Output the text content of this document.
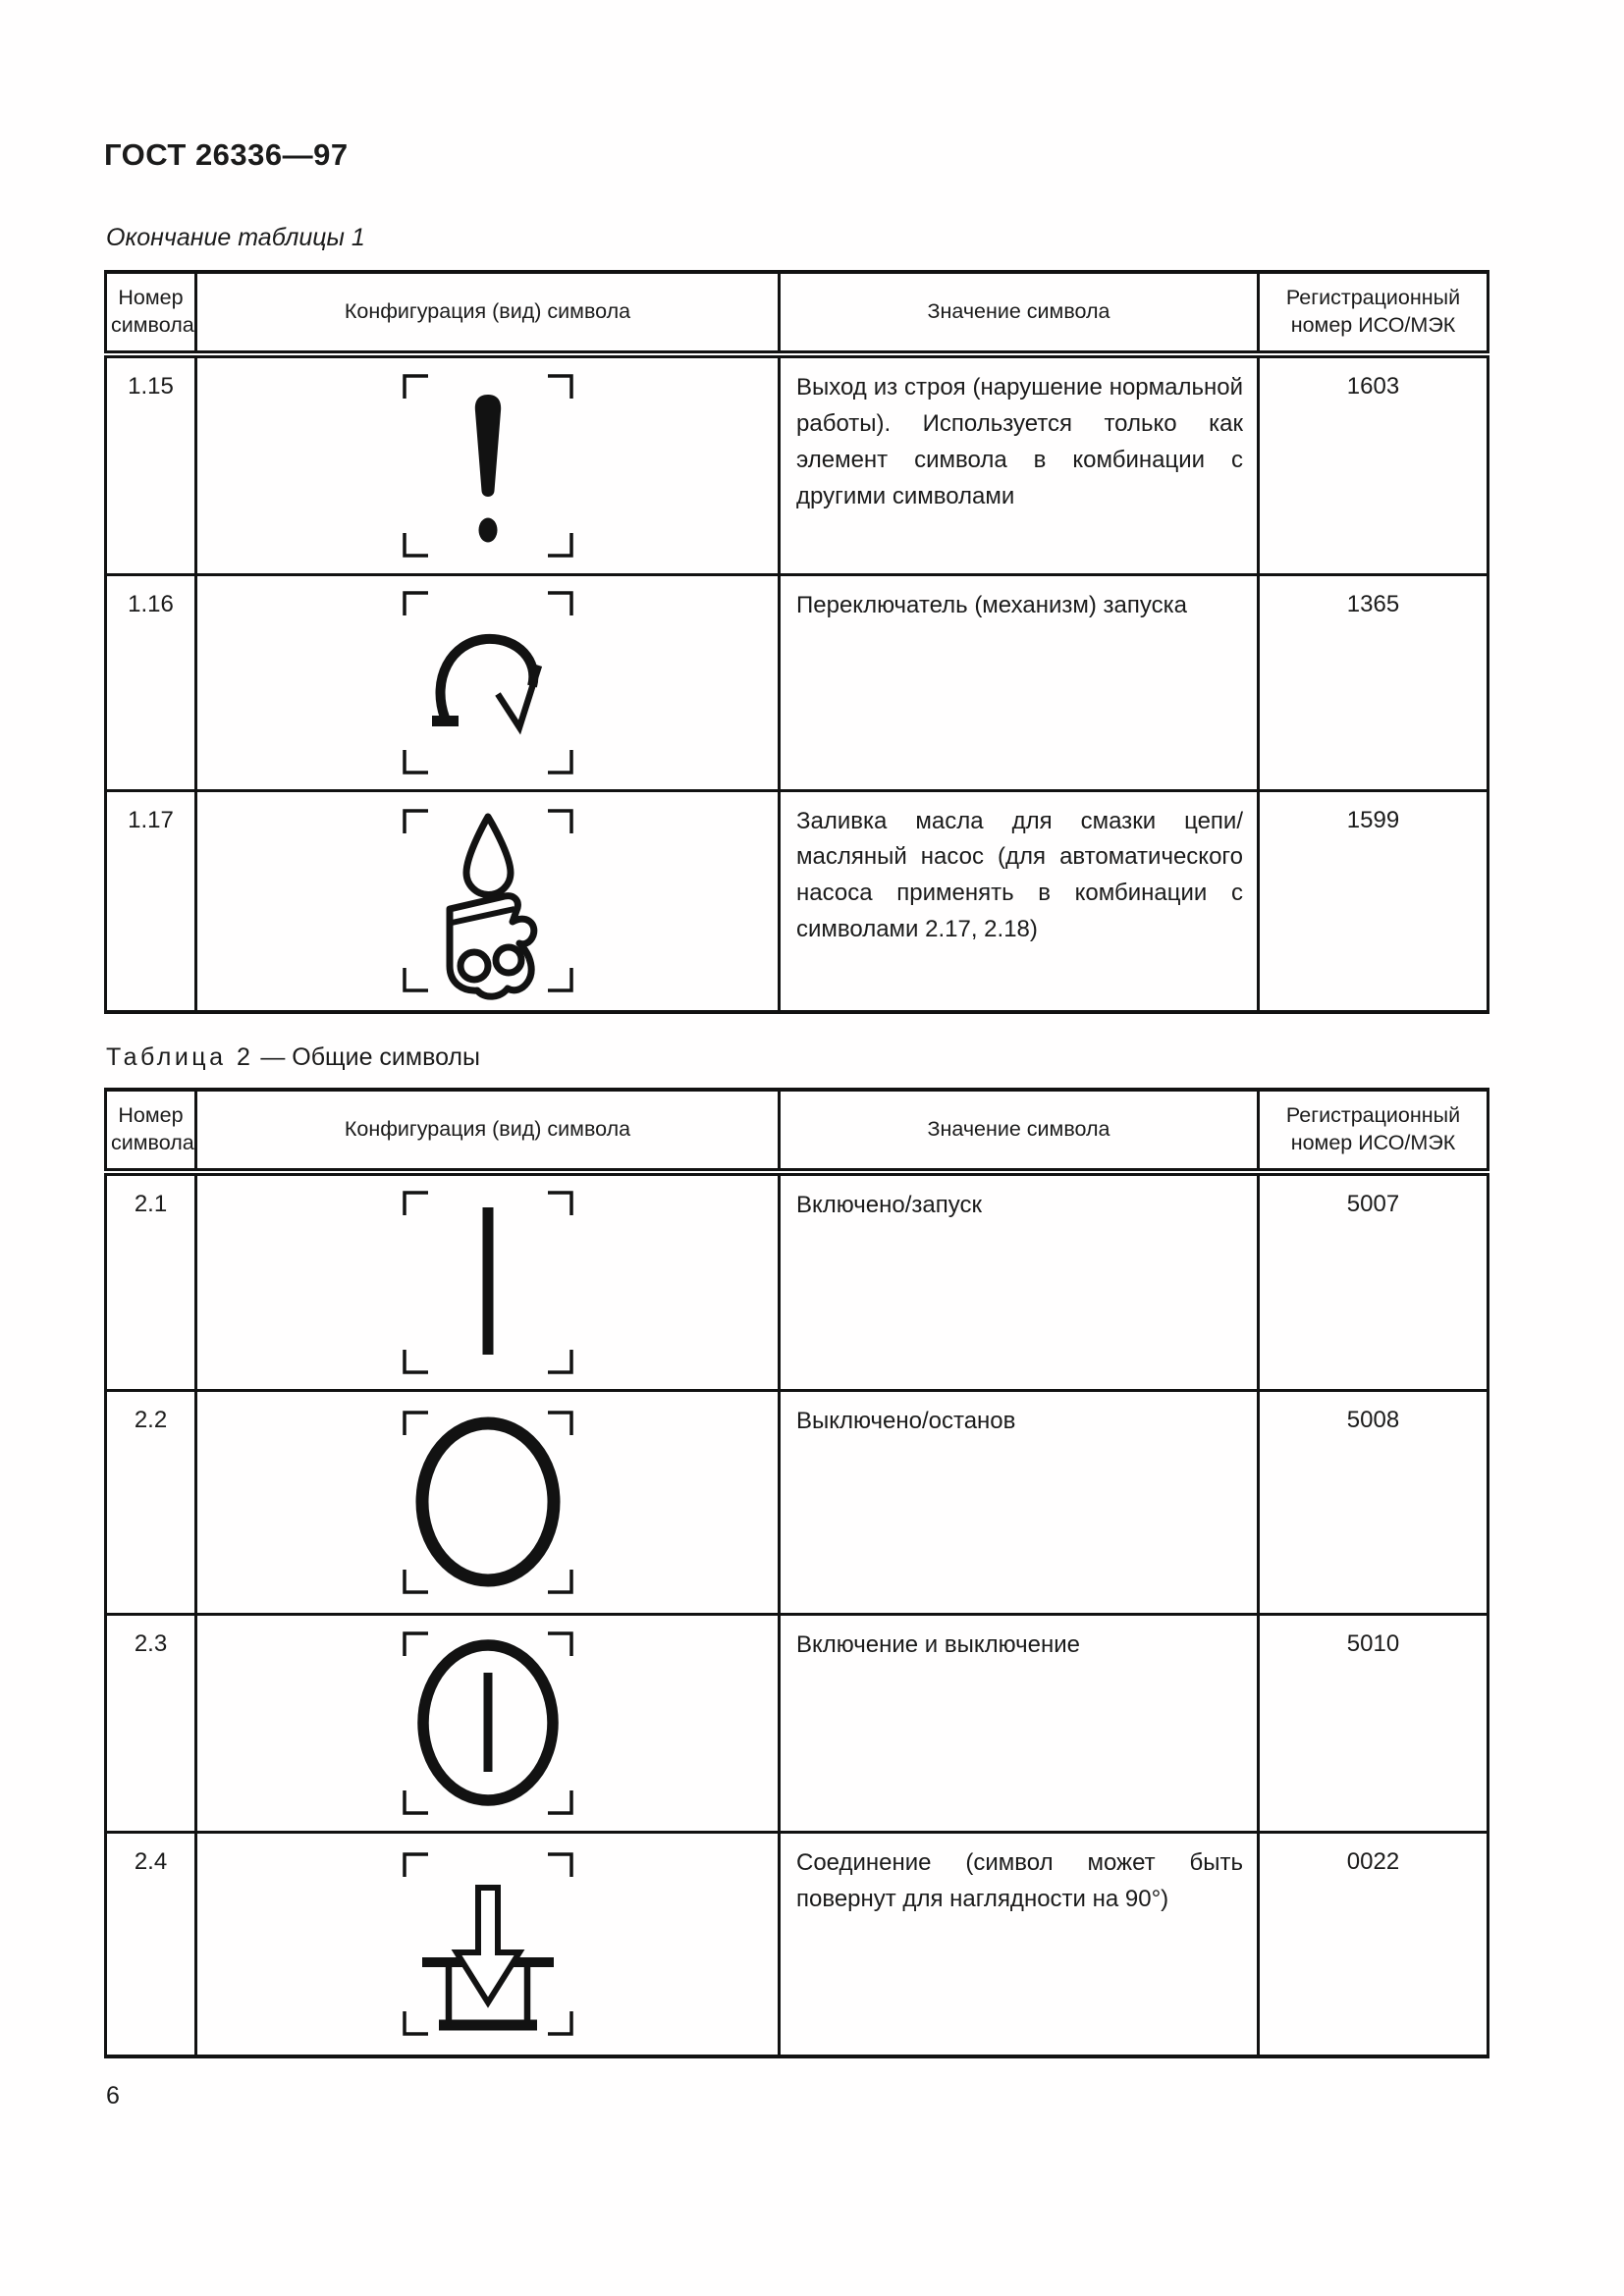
ГОСТ 26336—97

Окончание таблицы 1

Номер символа	Конфигурация (вид) символа	Значение символа	Регистрационный номер ИСО/МЭК
1.15		Выход из строя (нарушение нормальной работы). Используется только как элемент символа в комбинации с другими символами	1603
1.16		Переключатель (механизм) запуска	1365
1.17		Заливка масла для смазки цепи/масляный насос (для автоматического насоса применять в комбинации с символами 2.17, 2.18)	1599

Таблица 2 — Общие символы

Номер символа	Конфигурация (вид) символа	Значение символа	Регистрационный номер ИСО/МЭК
2.1		Включено/запуск	5007
2.2		Выключено/останов	5008
2.3		Включение и выключение	5010
2.4		Соединение (символ может быть повернут для наглядности на 90°)	0022

6
